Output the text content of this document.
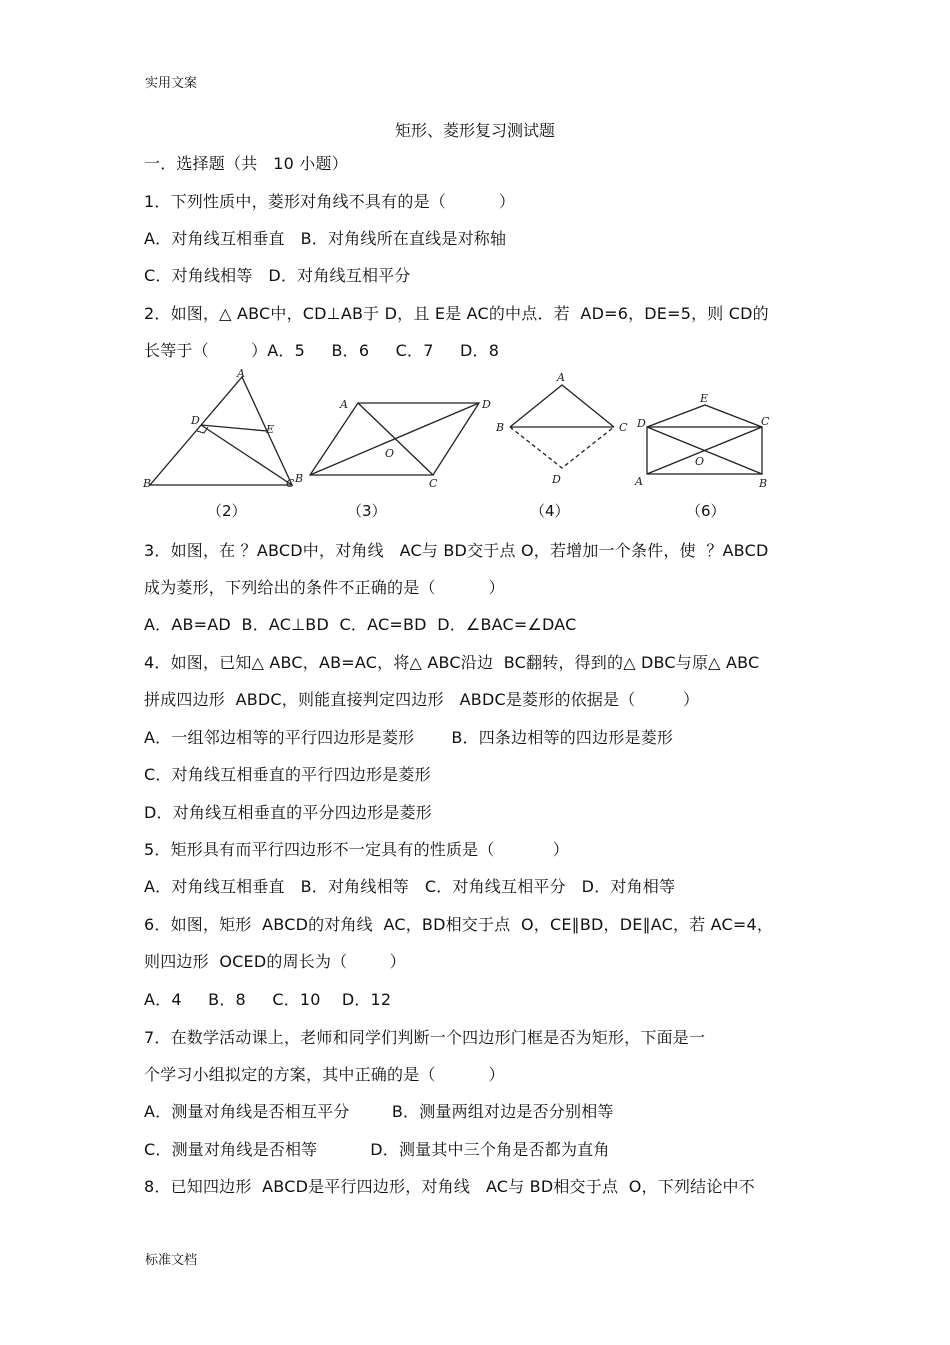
实用文案
矩形、菱形复习测试题
一．选择题（共   10 小题）
1．下列性质中，菱形对角线不具有的是（          ）
A．对角线互相垂直   B．对角线所在直线是对称轴
C．对角线相等   D．对角线互相平分
2．如图，△ ABC中，CD⊥AB于 D，且 E是 AC的中点．若  AD=6，DE=5，则 CD的
长等于（        ）A．5     B．6     C．7     D．8
A
B	C
D
E
A
B	C
D
O
A
B	C
D	A	B
C
D
E
O
（2）	（3）	（4）	（6）
3．如图，在 ？ABCD中，对角线   AC与 BD交于点 O，若增加一个条件，使  ？ABCD
成为菱形，下列给出的条件不正确的是（          ）
A．AB=AD  B．AC⊥BD  C．AC=BD  D．∠BAC=∠DAC
4．如图，已知△ ABC，AB=AC，将△ ABC沿边  BC翻转，得到的△ DBC与原△ ABC
拼成四边形  ABDC，则能直接判定四边形   ABDC是菱形的依据是（         ）
A．一组邻边相等的平行四边形是菱形       B．四条边相等的四边形是菱形
C．对角线互相垂直的平行四边形是菱形
D．对角线互相垂直的平分四边形是菱形
5．矩形具有而平行四边形不一定具有的性质是（           ）
A．对角线互相垂直   B．对角线相等   C．对角线互相平分   D．对角相等
6．如图，矩形  ABCD的对角线  AC，BD相交于点  O，CE∥BD，DE∥AC，若 AC=4，
则四边形  OCED的周长为（        ）
A．4     B．8     C．10    D．12
7．在数学活动课上，老师和同学们判断一个四边形门框是否为矩形，下面是一
个学习小组拟定的方案，其中正确的是（          ）
A．测量对角线是否相互平分        B．测量两组对边是否分别相等
C．测量对角线是否相等          D．测量其中三个角是否都为直角
8．已知四边形  ABCD是平行四边形，对角线   AC与 BD相交于点  O，下列结论中不
标准文档
